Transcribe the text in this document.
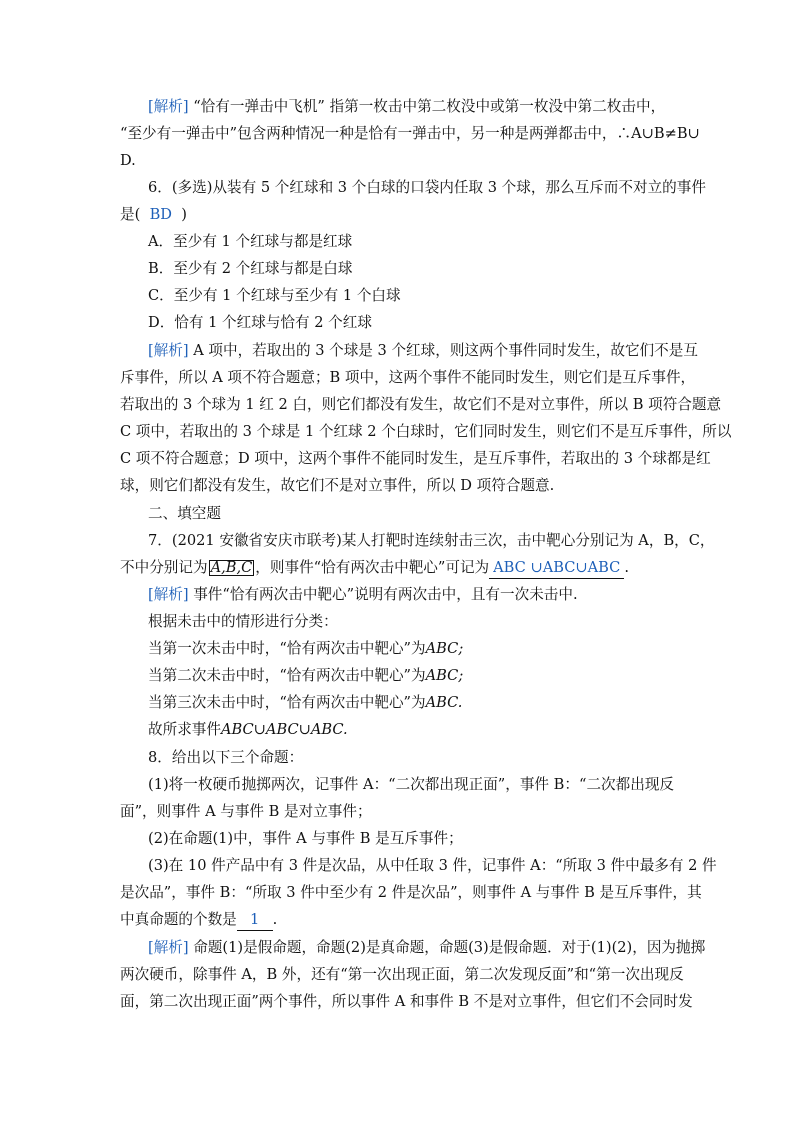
[解析] “恰有一弹击中飞机” 指第一枚击中第二枚没中或第一枚没中第二枚击中，
“至少有一弹击中”包含两种情况一种是恰有一弹击中，另一种是两弹都击中，∴A∪B≠B∪
D.
6．(多选)从装有 5 个红球和 3 个白球的口袋内任取 3 个球，那么互斥而不对立的事件
是(  BD  )
A．至少有 1 个红球与都是红球
B．至少有 2 个红球与都是白球
C．至少有 1 个红球与至少有 1 个白球
D．恰有 1 个红球与恰有 2 个红球
[解析] A 项中，若取出的 3 个球是 3 个红球，则这两个事件同时发生，故它们不是互
斥事件，所以 A 项不符合题意；B 项中，这两个事件不能同时发生，则它们是互斥事件，
若取出的 3 个球为 1 红 2 白，则它们都没有发生，故它们不是对立事件，所以 B 项符合题意
C 项中，若取出的 3 个球是 1 个红球 2 个白球时，它们同时发生，则它们不是互斥事件，所以
C 项不符合题意；D 项中，这两个事件不能同时发生，是互斥事件，若取出的 3 个球都是红
球，则它们都没有发生，故它们不是对立事件，所以 D 项符合题意.
二、填空题
7．(2021 安徽省安庆市联考)某人打靶时连续射击三次，击中靶心分别记为 A，B，C，
不中分别记为 A,B,C ，则事件“恰有两次击中靶心”可记为 ABC ∪ABC∪ABC .
[解析] 事件“恰有两次击中靶心”说明有两次击中，且有一次未击中.
根据未击中的情形进行分类：
当第一次未击中时，“恰有两次击中靶心”为ABC;
当第二次未击中时，“恰有两次击中靶心”为ABC;
当第三次未击中时，“恰有两次击中靶心”为ABC.
故所求事件ABC∪ABC∪ABC.
8．给出以下三个命题：
(1)将一枚硬币抛掷两次，记事件 A：“二次都出现正面”，事件 B：“二次都出现反
面”，则事件 A 与事件 B 是对立事件；
(2)在命题(1)中，事件 A 与事件 B 是互斥事件；
(3)在 10 件产品中有 3 件是次品，从中任取 3 件，记事件 A：“所取 3 件中最多有 2 件
是次品”，事件 B：“所取 3 件中至少有 2 件是次品”，则事件 A 与事件 B 是互斥事件，其
中真命题的个数是  1  .
[解析] 命题(1)是假命题，命题(2)是真命题，命题(3)是假命题．对于(1)(2)，因为抛掷
两次硬币，除事件 A，B 外，还有“第一次出现正面，第二次发现反面”和“第一次出现反
面，第二次出现正面”两个事件，所以事件 A 和事件 B 不是对立事件，但它们不会同时发
